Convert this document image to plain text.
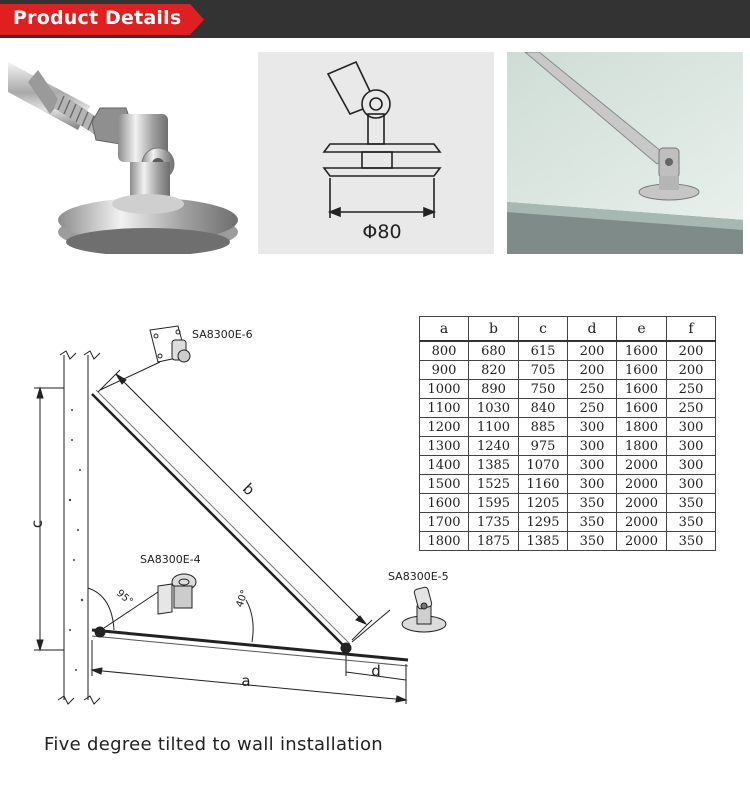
Product Details
Φ80
c
b
a
d
95°	40°
SA8300E-6
SA8300E-4
SA8300E-5
a	b	c	d	e	f
800	680	615	200	1600	200
900	820	705	200	1600	200
1000	890	750	250	1600	250
1100	1030	840	250	1600	250
1200	1100	885	300	1800	300
1300	1240	975	300	1800	300
1400	1385	1070	300	2000	300
1500	1525	1160	300	2000	300
1600	1595	1205	350	2000	350
1700	1735	1295	350	2000	350
1800	1875	1385	350	2000	350
Five degree tilted to wall installation
